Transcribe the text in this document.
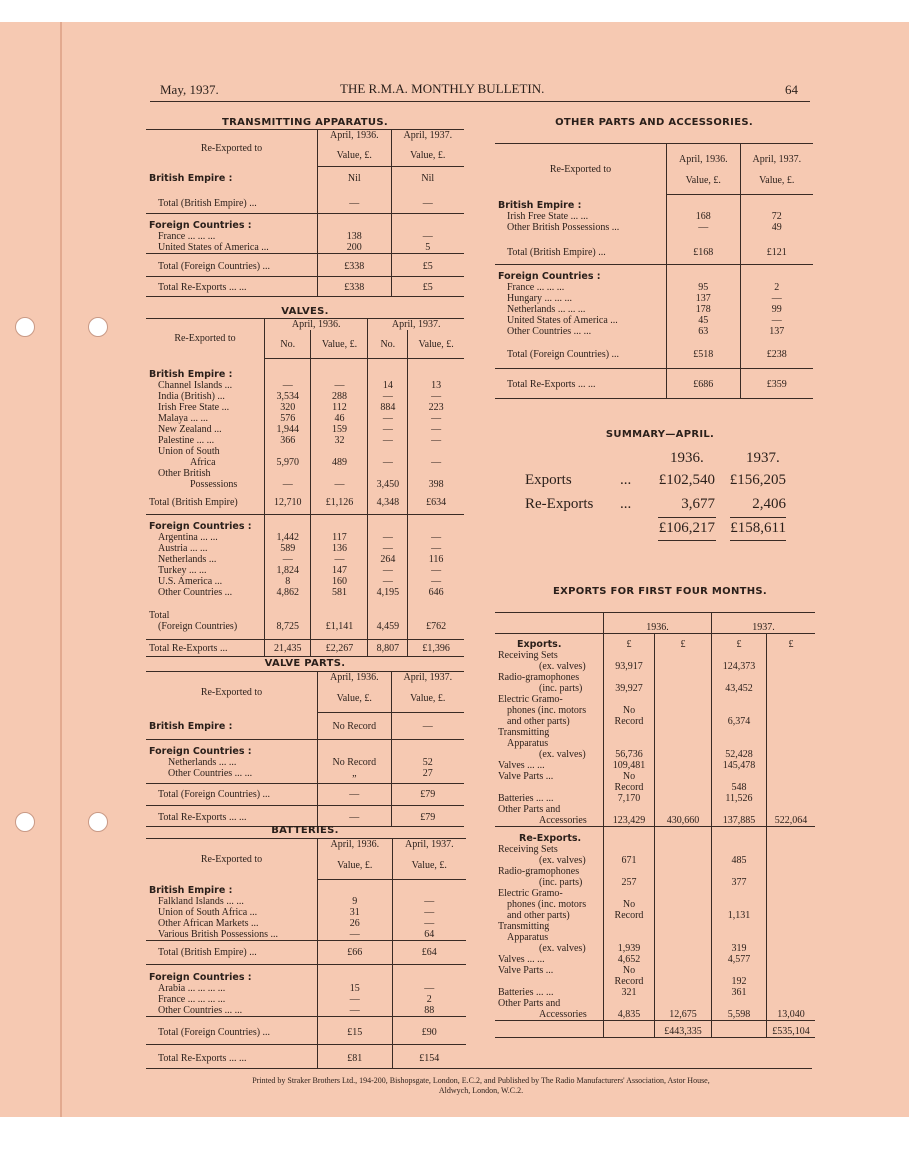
May, 1937.	THE R.M.A. MONTHLY BULLETIN.	64
TRANSMITTING APPARATUS.
Re-Exported to	April, 1936.	April, 1937.
	Value, £.	Value, £.
British Empire :	Nil	Nil
Total (British Empire) ...	—	—
Foreign Countries :		
France ... ... ...	138	—
United States of America ...	200	5
Total (Foreign Countries) ...	£338	£5
Total Re-Exports ... ...	£338	£5
VALVES.
Re-Exported to	April, 1936.		April, 1937.	
	No.	Value, £.	No.	Value, £.
British Empire :				
Channel Islands ...	—	—	14	13
India (British) ...	3,534	288	—	—
Irish Free State ...	320	112	884	223
Malaya ... ...	576	46	—	—
New Zealand ...	1,944	159	—	—
Palestine ... ...	366	32	—	—
Union of South				
Africa	5,970	489	—	—
Other British				
Possessions	—	—	3,450	398
Total (British Empire)	12,710	£1,126	4,348	£634
Foreign Countries :				
Argentina ... ...	1,442	117	—	—
Austria ... ...	589	136	—	—
Netherlands ...	—	—	264	116
Turkey ... ...	1,824	147	—	—
U.S. America ...	8	160	—	—
Other Countries ...	4,862	581	4,195	646
Total				
(Foreign Countries)	8,725	£1,141	4,459	£762
Total Re-Exports ...	21,435	£2,267	8,807	£1,396
VALVE PARTS.
Re-Exported to	April, 1936.	April, 1937.
	Value, £.	Value, £.
British Empire :	No Record	—
Foreign Countries :		
Netherlands ... ...	No Record	52
Other Countries ... ...	„	27
Total (Foreign Countries) ...	—	£79
Total Re-Exports ... ...	—	£79
BATTERIES.
Re-Exported to	April, 1936.	April, 1937.
	Value, £.	Value, £.
British Empire :		
Falkland Islands ... ...	9	—
Union of South Africa ...	31	—
Other African Markets ...	26	—
Various British Possessions ...	—	64
Total (British Empire) ...	£66	£64
Foreign Countries :		
Arabia ... ... ... ...	15	—
France ... ... ... ...	—	2
Other Countries ... ...	—	88
Total (Foreign Countries) ...	£15	£90
Total Re-Exports ... ...	£81	£154
OTHER PARTS AND ACCESSORIES.
Re-Exported to	April, 1936.	April, 1937.
	Value, £.	Value, £.
British Empire :		
Irish Free State ... ...	168	72
Other British Possessions ...	—	49
Total (British Empire) ...	£168	£121
Foreign Countries :		
France ... ... ...	95	2
Hungary ... ... ...	137	—
Netherlands ... ... ...	178	99
United States of America ...	45	—
Other Countries ... ...	63	137
Total (Foreign Countries) ...	£518	£238
Total Re-Exports ... ...	£686	£359
SUMMARY—APRIL.
1936.	1937.
Exports	... £102,540 £156,205
Re-Exports ...	3,677	2,406
£106,217 £158,611
EXPORTS FOR FIRST FOUR MONTHS.
	1936.		1937.	
Exports.	£	£	£	£
Receiving Sets				
(ex. valves)	93,917		124,373	
Radio-gramophones				
(inc. parts)	39,927		43,452	
Electric Gramo-				
phones (inc. motors	No			
and other parts)	Record		6,374	
Transmitting				
Apparatus				
(ex. valves)	56,736		52,428	
Valves ... ...	109,481		145,478	
Valve Parts ...	No			
	Record		548	
Batteries ... ...	7,170		11,526	
Other Parts and				
Accessories	123,429	430,660	137,885	522,064
Re-Exports.				
Receiving Sets				
(ex. valves)	671		485	
Radio-gramophones				
(inc. parts)	257		377	
Electric Gramo-				
phones (inc. motors	No			
and other parts)	Record		1,131	
Transmitting				
Apparatus				
(ex. valves)	1,939		319	
Valves ... ...	4,652		4,577	
Valve Parts ...	No			
	Record		192	
Batteries ... ...	321		361	
Other Parts and				
Accessories	4,835	12,675	5,598	13,040
		£443,335		£535,104
Printed by Straker Brothers Ltd., 194-200, Bishopsgate, London, E.C.2, and Published by The Radio Manufacturers' Association, Astor House,
Aldwych, London, W.C.2.
